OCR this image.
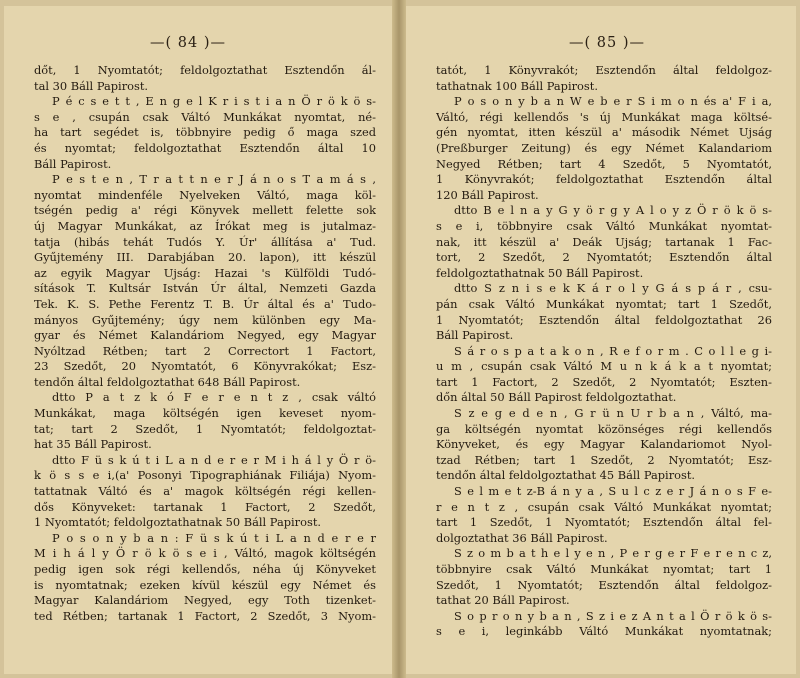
—( 84 )—

dőt, 1 Nyomtatót; feldolgoztathat Esztendőn ál-

tal 30 Báll Papirost.

P é c s e t t , E n g e l K r i s t i a n Ö r ö k ö s-

s e , csupán csak Váltó Munkákat nyomtat, né-

ha tart segédet is, többnyire pedig ő maga szed

és nyomtat; feldolgoztathat Esztendőn által 10

Báll Papirost.

P e s t e n , T r a t t n e r J á n o s T a m á s ,

nyomtat mindenféle Nyelveken Váltó, maga köl-

tségén pedig a' régi Könyvek mellett felette sok

új Magyar Munkákat, az Írókat meg is jutalmaz-

tatja (hibás tehát Tudós Y. Úr' állítása a' Tud.

Gyűjtemény III. Darabjában 20. lapon), itt készül

az egyik Magyar Ujság: Hazai 's Külföldi Tudó-

sítások T. Kultsár István Úr által, Nemzeti Gazda

Tek. K. S. Pethe Ferentz T. B. Úr által és a' Tudo-

mányos Gyűjtemény; úgy nem különben egy Ma-

gyar és Német Kalandáriom Negyed, egy Magyar

Nyóltzad Rétben; tart 2 Correctort 1 Factort,

23 Szedőt, 20 Nyomtatót, 6 Könyvrakókat; Esz-

tendőn által feldolgoztathat 648 Báll Papirost.

dtto P a t z k ó F e r e n t z , csak váltó

Munkákat, maga költségén igen keveset nyom-

tat; tart 2 Szedőt, 1 Nyomtatót; feldolgoztat-

hat 35 Báll Papirost.

dtto F ü s k ú t i L a n d e r e r M i h á l y Ö r ö-

k ö s s e i,(a' Posonyi Tipographiának Filiája) Nyom-

tattatnak Váltó és a' magok költségén régi kellen-

dős Könyveket: tartanak 1 Factort, 2 Szedőt,

1 Nyomtatót; feldolgoztathatnak 50 Báll Papirost.

P o s o n y b a n : F ü s k ú t i L a n d e r e r

M i h á l y Ö r ö k ö s e i , Váltó, magok költségén

pedig igen sok régi kellendős, néha új Könyveket

is nyomtatnak; ezeken kívül készül egy Német és

Magyar Kalandáriom Negyed, egy Toth tizenket-

ted Rétben; tartanak 1 Factort, 2 Szedőt, 3 Nyom-

—( 85 )—

tatót, 1 Könyvrakót; Esztendőn által feldolgoz-

tathatnak 100 Báll Papirost.

P o s o n y b a n W e b e r S i m o n és a' F i a,

Váltó, régi kellendős 's új Munkákat maga költsé-

gén nyomtat, itten készül a' második Német Ujság

(Preßburger Zeitung) és egy Német Kalandariom

Negyed Rétben; tart 4 Szedőt, 5 Nyomtatót,

1 Könyvrakót; feldolgoztathat Esztendőn által

120 Báll Papirost.

dtto B e l n a y G y ö r g y A l o y z Ö r ö k ö s-

s e i, többnyire csak Váltó Munkákat nyomtat-

nak, itt készül a' Deák Ujság; tartanak 1 Fac-

tort, 2 Szedőt, 2 Nyomtatót; Esztendőn által

feldolgoztathatnak 50 Báll Papirost.

dtto S z n i s e k K á r o l y G á s p á r , csu-

pán csak Váltó Munkákat nyomtat; tart 1 Szedőt,

1 Nyomtatót; Esztendőn által feldolgoztathat 26

Báll Papirost.

S á r o s p a t a k o n , R e f o r m . C o l l e g i-

u m , csupán csak Váltó M u n k á k a t nyomtat;

tart 1 Factort, 2 Szedőt, 2 Nyomtatót; Eszten-

dőn által 50 Báll Papirost feldolgoztathat.

S z e g e d e n , G r ü n U r b a n , Váltó, ma-

ga költségén nyomtat közönséges régi kellendős

Könyveket, és egy Magyar Kalandariomot Nyol-

tzad Rétben; tart 1 Szedőt, 2 Nyomtatót; Esz-

tendőn által feldolgoztathat 45 Báll Papirost.

S e l m e t z-B á n y a , S u l c z e r J á n o s F e-

r e n t z , csupán csak Váltó Munkákat nyomtat;

tart 1 Szedőt, 1 Nyomtatót; Esztendőn által fel-

dolgoztathat 36 Báll Papirost.

S z o m b a t h e l y e n , P e r g e r F e r e n c z,

többnyire csak Váltó Munkákat nyomtat; tart 1

Szedőt, 1 Nyomtatót; Esztendőn által feldolgoz-

tathat 20 Báll Papirost.

S o p r o n y b a n , S z i e z A n t a l Ö r ö k ö s-

s e i, leginkább Váltó Munkákat nyomtatnak;
